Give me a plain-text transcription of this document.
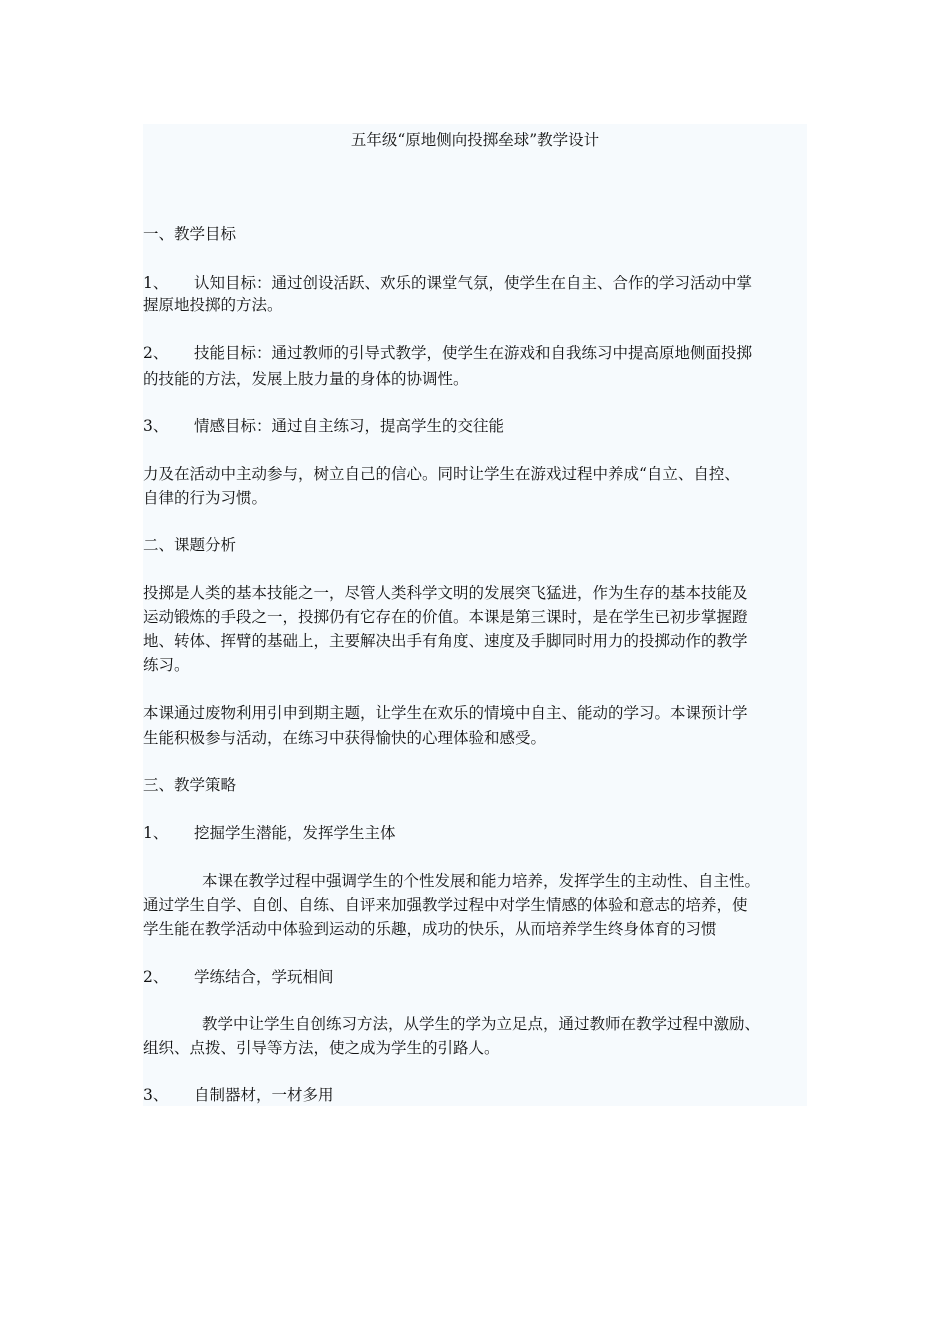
五年级“原地侧向投掷垒球”教学设计
一、教学目标
1、 认知目标：通过创设活跃、欢乐的课堂气氛，使学生在自主、合作的学习活动中掌
握原地投掷的方法。
2、 技能目标：通过教师的引导式教学，使学生在游戏和自我练习中提高原地侧面投掷
的技能的方法，发展上肢力量的身体的协调性。
3、 情感目标：通过自主练习，提高学生的交往能
力及在活动中主动参与，树立自己的信心。同时让学生在游戏过程中养成“自立、自控、
自律的行为习惯。
二、课题分析
投掷是人类的基本技能之一，尽管人类科学文明的发展突飞猛进，作为生存的基本技能及
运动锻炼的手段之一，投掷仍有它存在的价值。本课是第三课时，是在学生已初步掌握蹬
地、转体、挥臂的基础上，主要解决出手有角度、速度及手脚同时用力的投掷动作的教学
练习。
本课通过废物利用引申到期主题，让学生在欢乐的情境中自主、能动的学习。本课预计学
生能积极参与活动，在练习中获得愉快的心理体验和感受。
三、教学策略
1、 挖掘学生潜能，发挥学生主体
本课在教学过程中强调学生的个性发展和能力培养，发挥学生的主动性、自主性。
通过学生自学、自创、自练、自评来加强教学过程中对学生情感的体验和意志的培养，使
学生能在教学活动中体验到运动的乐趣，成功的快乐，从而培养学生终身体育的习惯
2、 学练结合，学玩相间
教学中让学生自创练习方法，从学生的学为立足点，通过教师在教学过程中激励、
组织、点拨、引导等方法，使之成为学生的引路人。
3、 自制器材，一材多用
